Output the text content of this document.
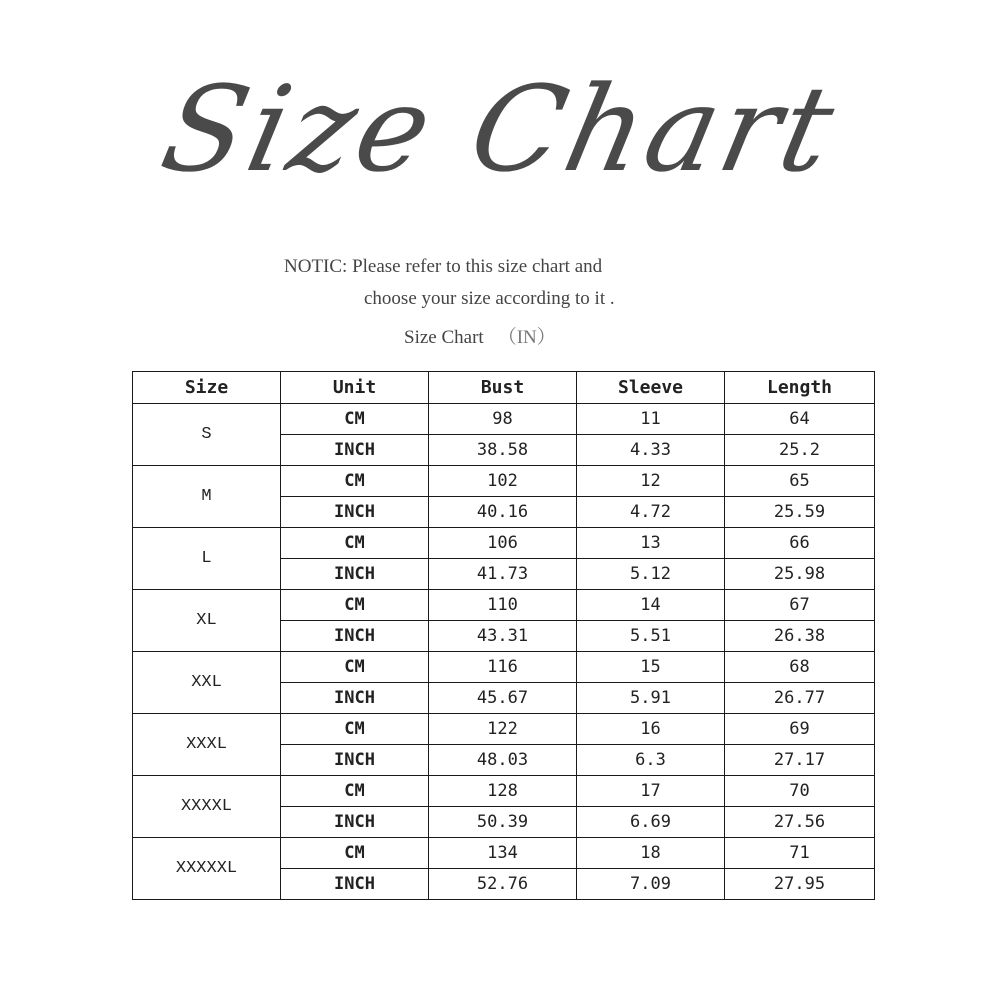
Size Chart
NOTIC: Please refer to this size chart and
choose your size according to it .
Size Chart （IN）
Size	Unit	Bust	Sleeve	Length
S	CM	98	11	64
	INCH	38.58	4.33	25.2
M	CM	102	12	65
	INCH	40.16	4.72	25.59
L	CM	106	13	66
	INCH	41.73	5.12	25.98
XL	CM	110	14	67
	INCH	43.31	5.51	26.38
XXL	CM	116	15	68
	INCH	45.67	5.91	26.77
XXXL	CM	122	16	69
	INCH	48.03	6.3	27.17
XXXXL	CM	128	17	70
	INCH	50.39	6.69	27.56
XXXXXL	CM	134	18	71
	INCH	52.76	7.09	27.95
